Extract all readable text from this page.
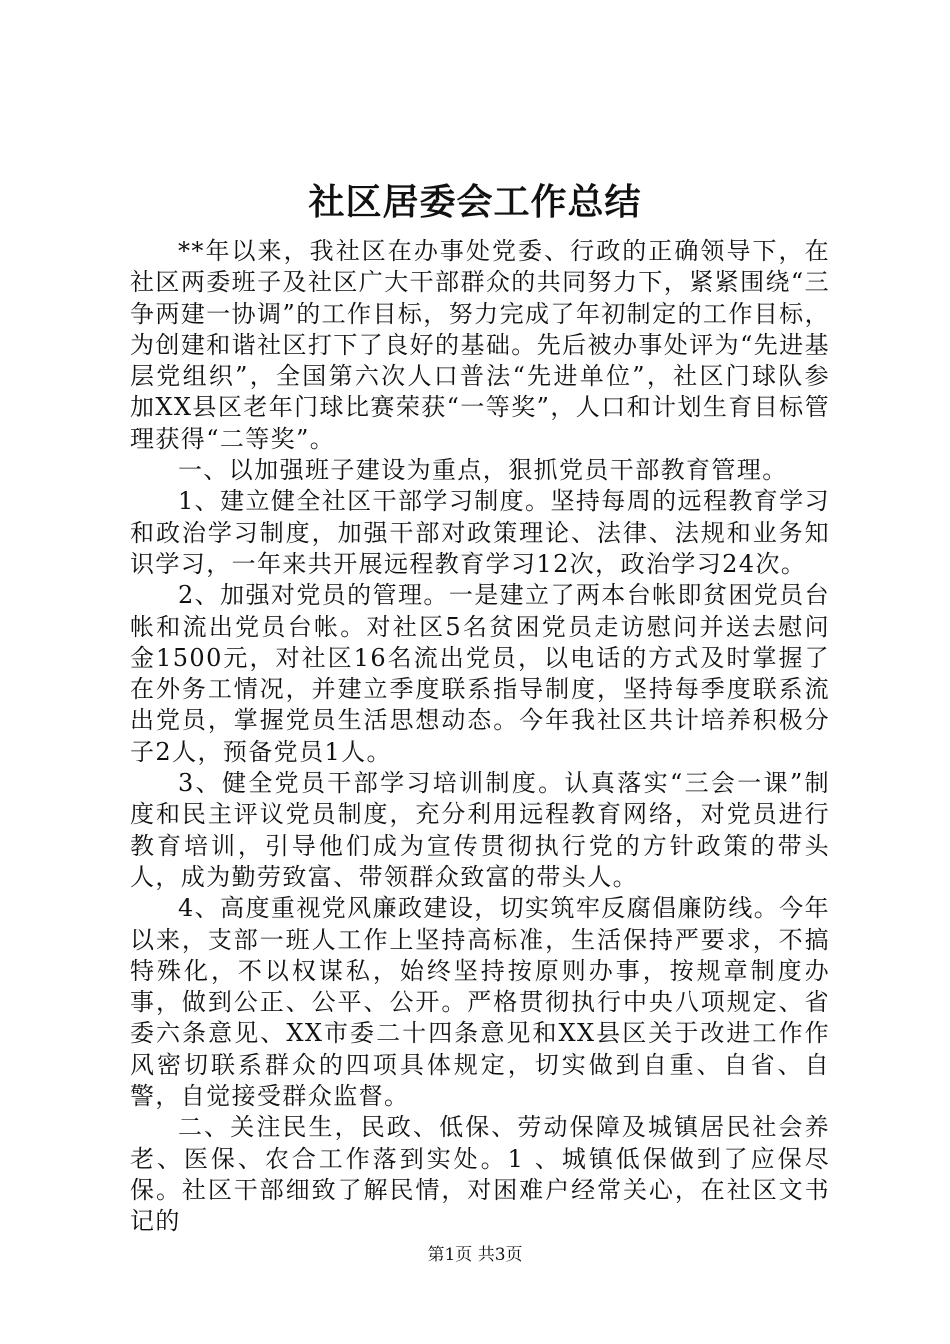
社区居委会工作总结

**年以来，我社区在办事处党委、行政的正确领导下，在社区两委班子及社区广大干部群众的共同努力下，紧紧围绕“三争两建一协调”的工作目标，努力完成了年初制定的工作目标，为创建和谐社区打下了良好的基础。先后被办事处评为“先进基层党组织”，全国第六次人口普法“先进单位”，社区门球队参加XX县区老年门球比赛荣获“一等奖”，人口和计划生育目标管理获得“二等奖”。

一、以加强班子建设为重点，狠抓党员干部教育管理。

1、建立健全社区干部学习制度。坚持每周的远程教育学习和政治学习制度，加强干部对政策理论、法律、法规和业务知识学习，一年来共开展远程教育学习12次，政治学习24次。

2、加强对党员的管理。一是建立了两本台帐即贫困党员台帐和流出党员台帐。对社区5名贫困党员走访慰问并送去慰问金1500元，对社区16名流出党员，以电话的方式及时掌握了在外务工情况，并建立季度联系指导制度，坚持每季度联系流出党员，掌握党员生活思想动态。今年我社区共计培养积极分子2人，预备党员1人。

3、健全党员干部学习培训制度。认真落实“三会一课”制度和民主评议党员制度，充分利用远程教育网络，对党员进行教育培训，引导他们成为宣传贯彻执行党的方针政策的带头人，成为勤劳致富、带领群众致富的带头人。

4、高度重视党风廉政建设，切实筑牢反腐倡廉防线。今年以来，支部一班人工作上坚持高标准，生活保持严要求，不搞特殊化，不以权谋私，始终坚持按原则办事，按规章制度办事，做到公正、公平、公开。严格贯彻执行中央八项规定、省委六条意见、XX市委二十四条意见和XX县区关于改进工作作风密切联系群众的四项具体规定，切实做到自重、自省、自警，自觉接受群众监督。

二、关注民生，民政、低保、劳动保障及城镇居民社会养老、医保、农合工作落到实处。1 、城镇低保做到了应保尽保。社区干部细致了解民情，对困难户经常关心，在社区文书记的

第1页 共3页
